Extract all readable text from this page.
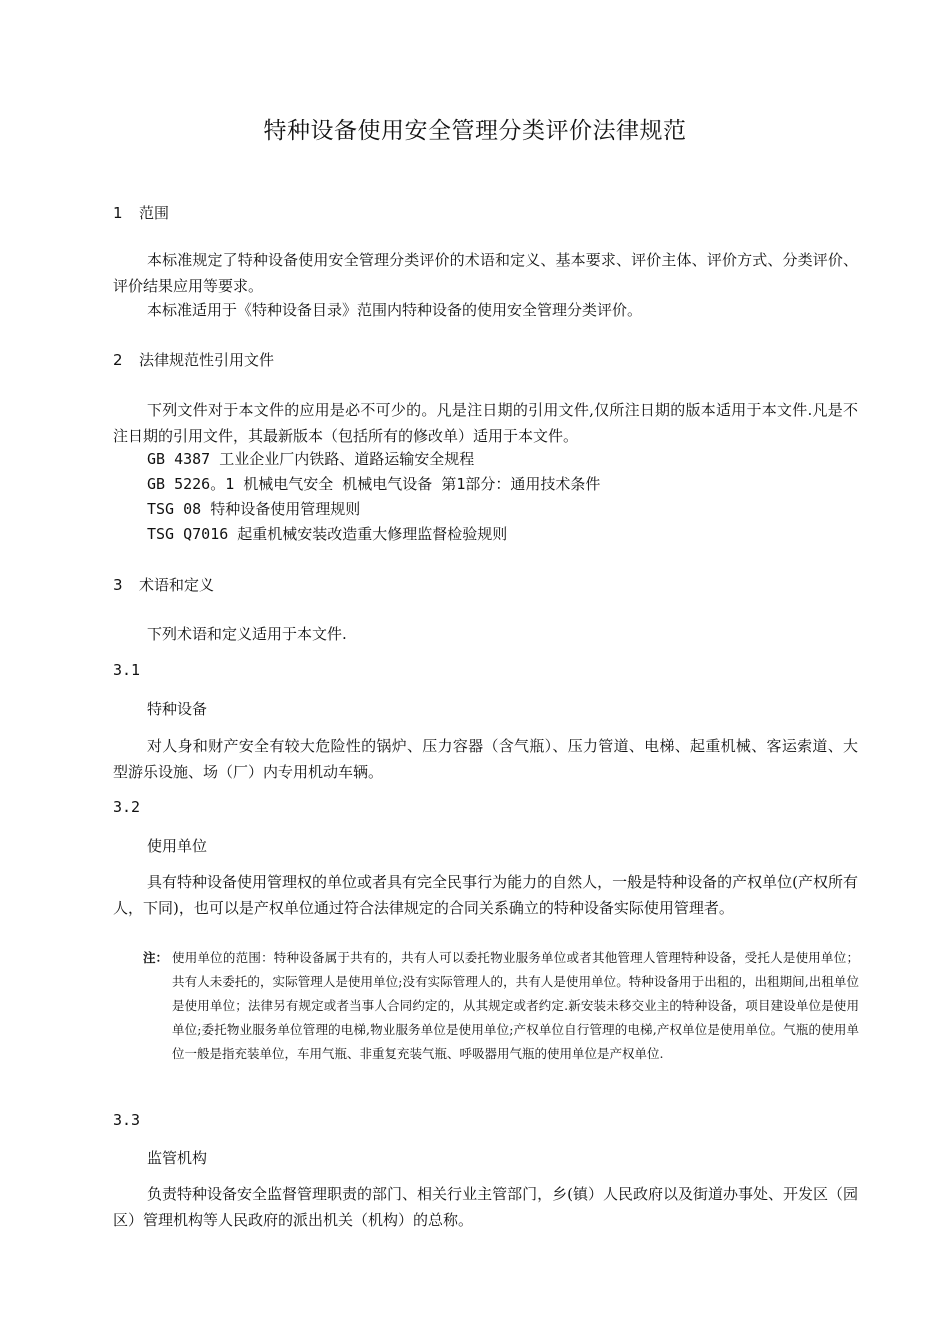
特种设备使用安全管理分类评价法律规范
1 范围
本标准规定了特种设备使用安全管理分类评价的术语和定义、基本要求、评价主体、评价方式、分类评价、评价结果应用等要求。
本标准适用于《特种设备目录》范围内特种设备的使用安全管理分类评价。
2 法律规范性引用文件
下列文件对于本文件的应用是必不可少的。凡是注日期的引用文件,仅所注日期的版本适用于本文件.凡是不注日期的引用文件，其最新版本（包括所有的修改单）适用于本文件。
GB 4387 工业企业厂内铁路、道路运输安全规程
GB 5226。1 机械电气安全 机械电气设备 第1部分：通用技术条件
TSG 08 特种设备使用管理规则
TSG Q7016 起重机械安装改造重大修理监督检验规则
3 术语和定义
下列术语和定义适用于本文件.
3.1
特种设备
对人身和财产安全有较大危险性的锅炉、压力容器（含气瓶）、压力管道、电梯、起重机械、客运索道、大型游乐设施、场（厂）内专用机动车辆。
3.2
使用单位
具有特种设备使用管理权的单位或者具有完全民事行为能力的自然人，一般是特种设备的产权单位(产权所有人，下同)，也可以是产权单位通过符合法律规定的合同关系确立的特种设备实际使用管理者。
注： 使用单位的范围：特种设备属于共有的，共有人可以委托物业服务单位或者其他管理人管理特种设备，受托人是使用单位；共有人未委托的，实际管理人是使用单位;没有实际管理人的，共有人是使用单位。特种设备用于出租的，出租期间,出租单位是使用单位；法律另有规定或者当事人合同约定的，从其规定或者约定.新安装未移交业主的特种设备，项目建设单位是使用单位;委托物业服务单位管理的电梯,物业服务单位是使用单位;产权单位自行管理的电梯,产权单位是使用单位。气瓶的使用单位一般是指充装单位，车用气瓶、非重复充装气瓶、呼吸器用气瓶的使用单位是产权单位.
3.3
监管机构
负责特种设备安全监督管理职责的部门、相关行业主管部门，乡(镇）人民政府以及街道办事处、开发区（园区）管理机构等人民政府的派出机关（机构）的总称。
